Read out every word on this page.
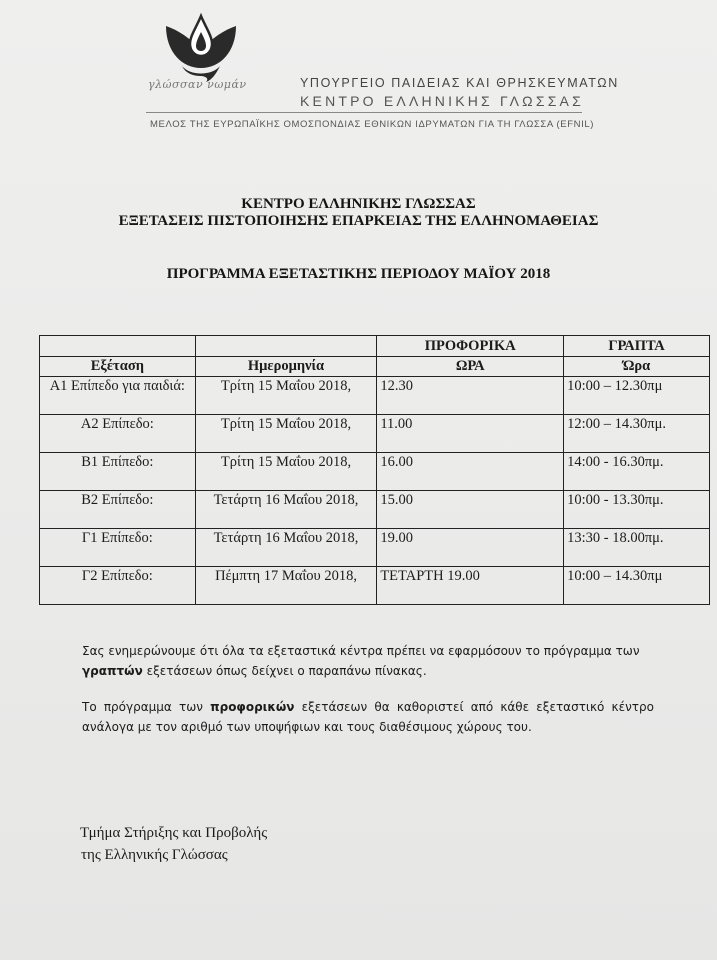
γλώσσαν νωμάν	ΥΠΟΥΡΓΕΙΟ ΠΑΙΔΕΙΑΣ ΚΑΙ ΘΡΗΣΚΕΥΜΑΤΩΝ
ΚΕΝΤΡΟ ΕΛΛΗΝΙΚΗΣ ΓΛΩΣΣΑΣ
ΜΕΛΟΣ ΤΗΣ ΕΥΡΩΠΑΪΚΗΣ ΟΜΟΣΠΟΝΔΙΑΣ ΕΘΝΙΚΩΝ ΙΔΡΥΜΑΤΩΝ ΓΙΑ ΤΗ ΓΛΩΣΣΑ (EFNIL)
ΚΕΝΤΡΟ ΕΛΛΗΝΙΚΗΣ ΓΛΩΣΣΑΣ
ΕΞΕΤΑΣΕΙΣ ΠΙΣΤΟΠΟΙΗΣΗΣ ΕΠΑΡΚΕΙΑΣ ΤΗΣ ΕΛΛΗΝΟΜΑΘΕΙΑΣ
ΠΡΟΓΡΑΜΜΑ ΕΞΕΤΑΣΤΙΚΗΣ ΠΕΡΙΟΔΟΥ ΜΑΪΟΥ 2018
		ΠΡΟΦΟΡΙΚΑ	ΓΡΑΠΤΑ
Εξέταση	Ημερομηνία	ΩΡΑ	Ώρα
Α1 Επίπεδο για παιδιά:	Τρίτη 15 Μαΐου 2018,	12.30	10:00 – 12.30πμ
Α2 Επίπεδο:	Τρίτη 15 Μαΐου 2018,	11.00	12:00 – 14.30πμ.
Β1 Επίπεδο:	Τρίτη 15 Μαΐου 2018,	16.00	14:00 - 16.30πμ.
Β2 Επίπεδο:	Τετάρτη 16 Μαΐου 2018,	15.00	10:00 - 13.30πμ.
Γ1 Επίπεδο:	Τετάρτη 16 Μαΐου 2018,	19.00	13:30 - 18.00πμ.
Γ2 Επίπεδο:	Πέμπτη 17 Μαΐου 2018,	ΤΕΤΑΡΤΗ 19.00	10:00 – 14.30πμ
Σας ενημερώνουμε ότι όλα τα εξεταστικά κέντρα πρέπει να εφαρμόσουν το πρόγραμμα των γραπτών εξετάσεων όπως δείχνει ο παραπάνω πίνακας.
Το πρόγραμμα των προφορικών εξετάσεων θα καθοριστεί από κάθε εξεταστικό κέντρο ανάλογα με τον αριθμό των υποψήφιων και τους διαθέσιμους χώρους του.
Τμήμα Στήριξης και Προβολής
της Ελληνικής Γλώσσας
